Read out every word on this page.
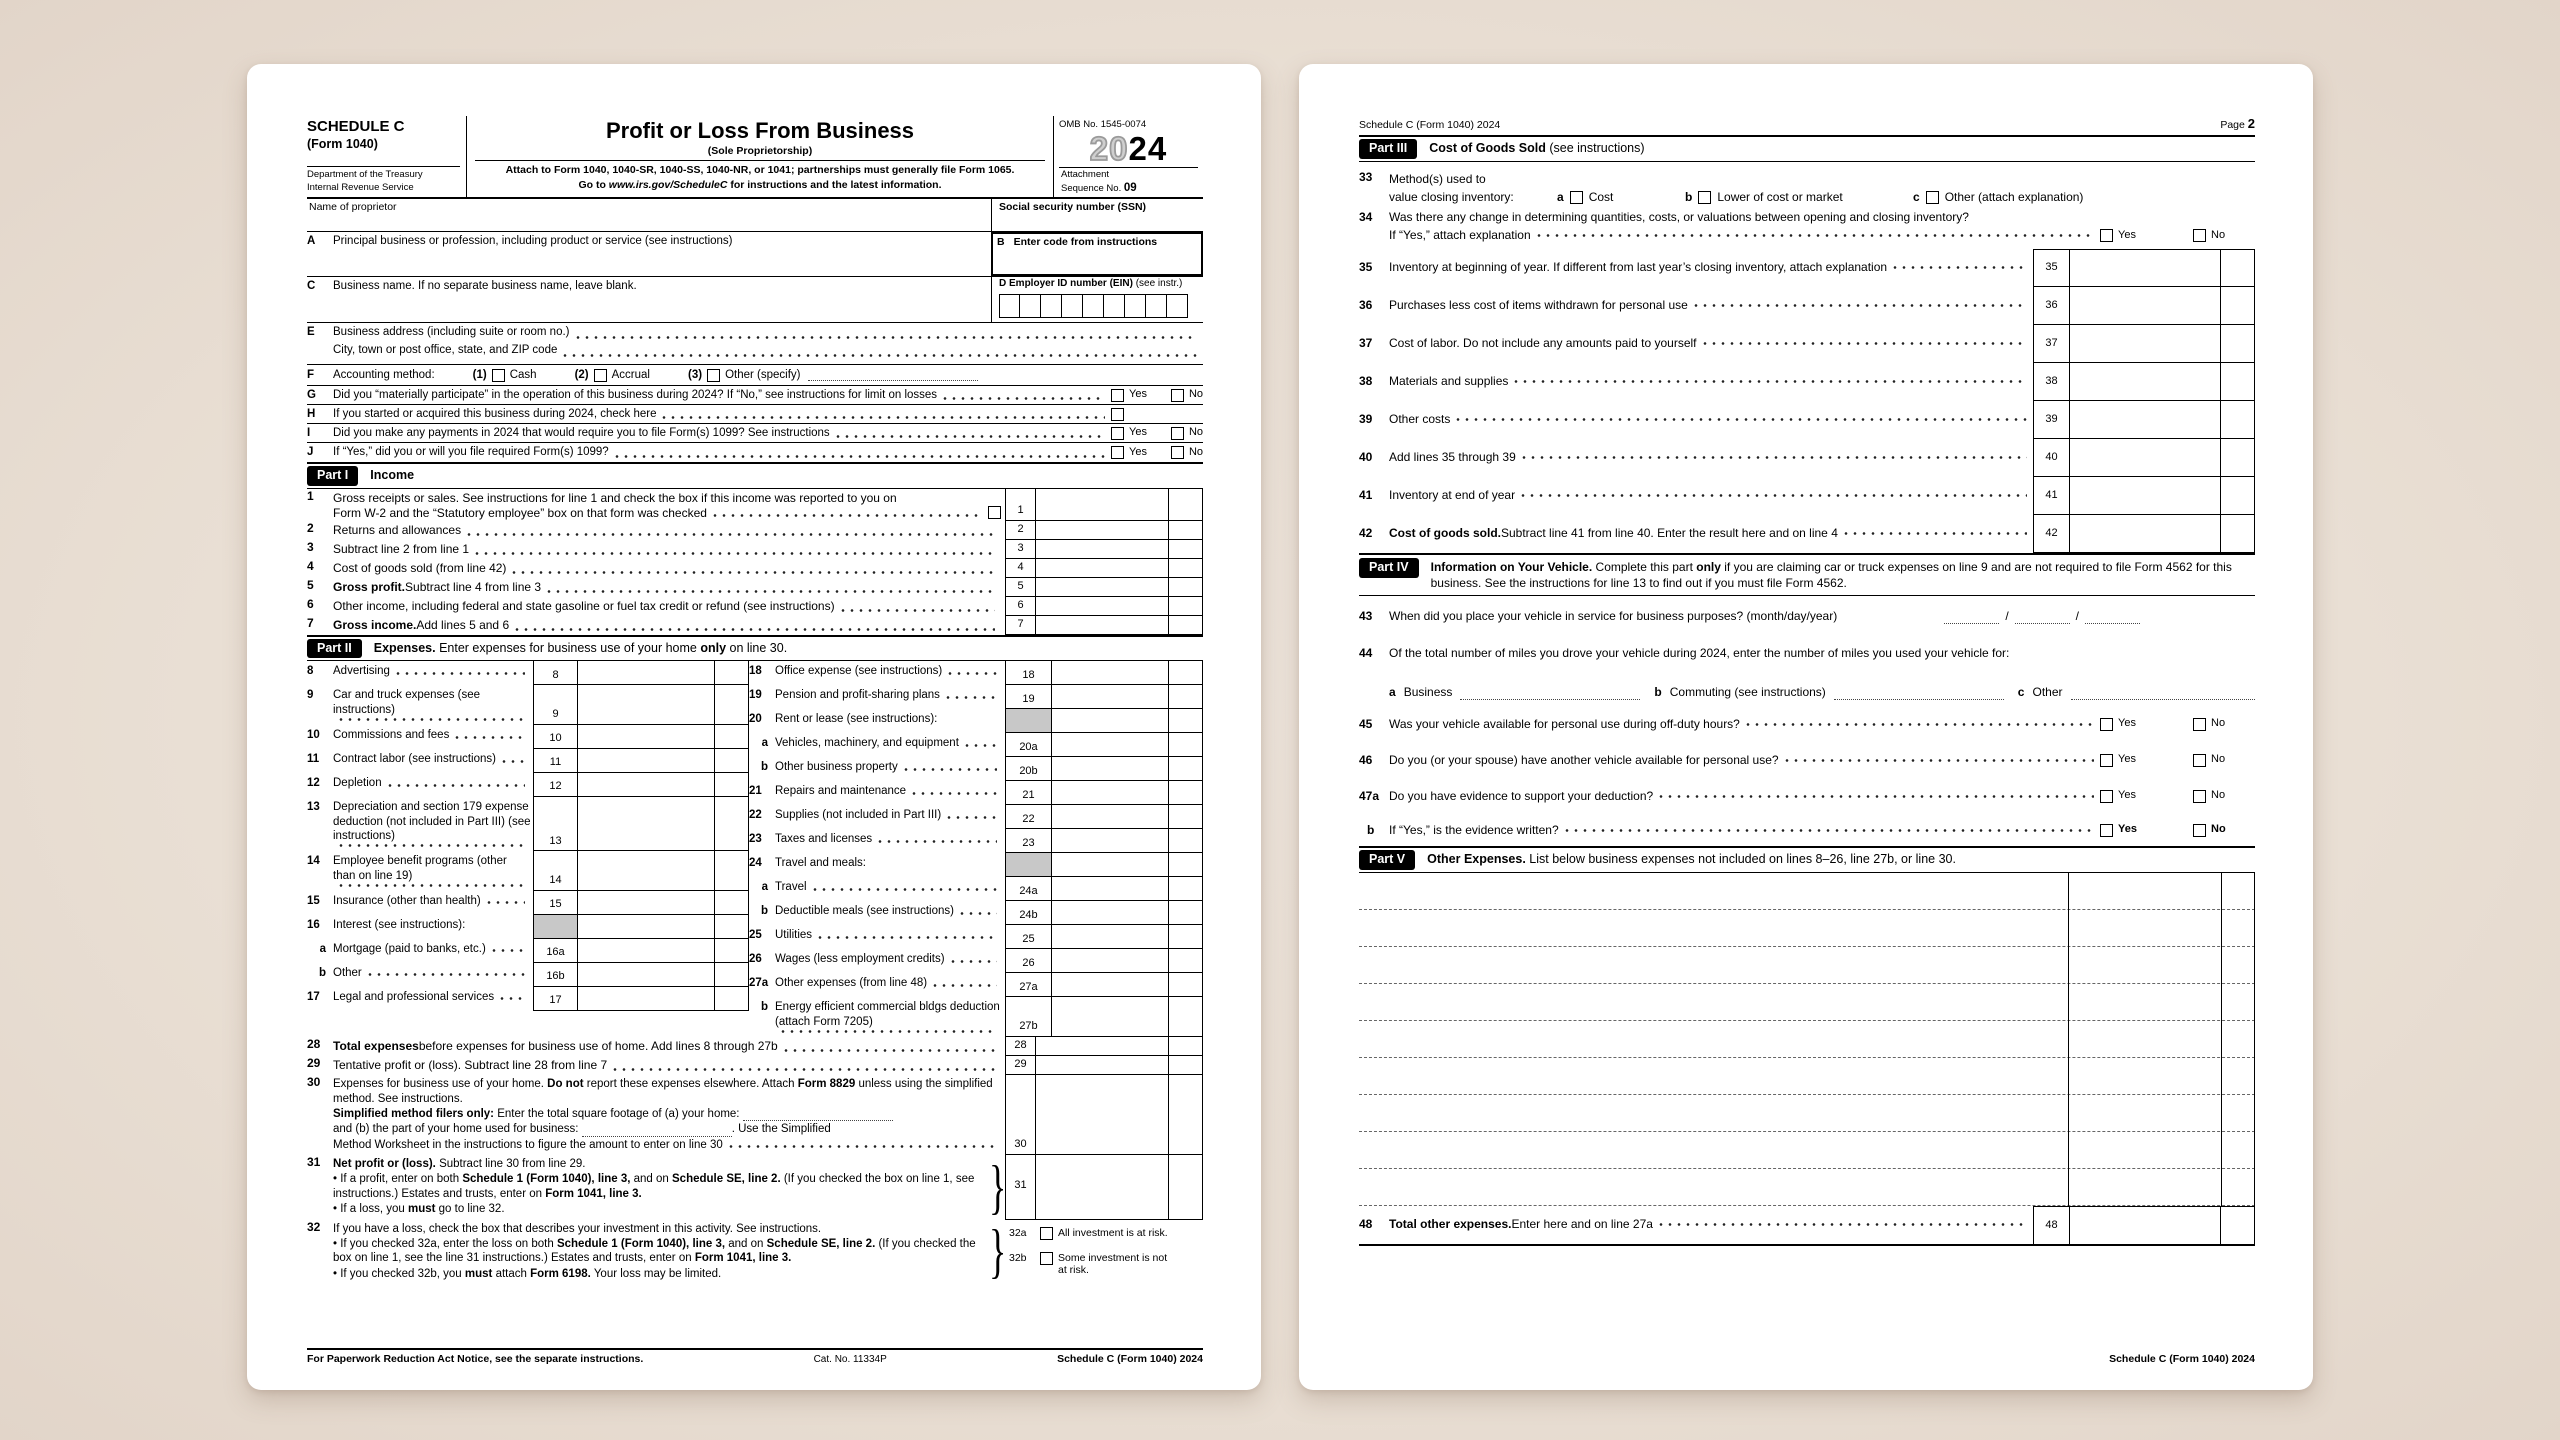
SCHEDULE C
(Form 1040)
Department of the Treasury
Internal Revenue Service
Profit or Loss From Business
(Sole Proprietorship)
Attach to Form 1040, 1040-SR, 1040-SS, 1040-NR, or 1041; partnerships must generally file Form 1065.
Go to www.irs.gov/ScheduleC for instructions and the latest information.
OMB No. 1545-0074
2024
Attachment
Sequence No. 09
Name of proprietor	Social security number (SSN)
A	Principal business or profession, including product or service (see instructions)	B Enter code from instructions
C	Business name. If no separate business name, leave blank.	D Employer ID number (EIN) (see instr.)
E	Business address (including suite or room no.)
City, town or post office, state, and ZIP code
F	Accounting method:	(1) Cash	(2) Accrual	(3) Other (specify)
G	Did you “materially participate” in the operation of this business during 2024? If “No,” see instructions for limit on losses	Yes	No
H	If you started or acquired this business during 2024, check here
I	Did you make any payments in 2024 that would require you to file Form(s) 1099? See instructions	Yes	No
J	If “Yes,” did you or will you file required Form(s) 1099?	Yes	No
Part I	Income
1	Gross receipts or sales. See instructions for line 1 and check the box if this income was reported to you on
Form W-2 and the “Statutory employee” box on that form was checked	1
2	Returns and allowances	2
3	Subtract line 2 from line 1	3
4	Cost of goods sold (from line 42)	4
5	Gross profit. Subtract line 4 from line 3	5
6	Other income, including federal and state gasoline or fuel tax credit or refund (see instructions)	6
7	Gross income. Add lines 5 and 6	7
Part II	Expenses. Enter expenses for business use of your home only on line 30.
8	Advertising	8
9	Car and truck expenses (see instructions)	9
10	Commissions and fees	10
11	Contract labor (see instructions)	11
12	Depletion	12
13	Depreciation and section 179 expense deduction (not included in Part III) (see instructions)	13
14	Employee benefit programs (other than on line 19)	14
15	Insurance (other than health)	15
16	Interest (see instructions):
a Mortgage (paid to banks, etc.)	16a
b Other	16b
17	Legal and professional services	17
18	Office expense (see instructions)	18
19	Pension and profit-sharing plans	19
20	Rent or lease (see instructions):
a Vehicles, machinery, and equipment	20a
b Other business property	20b
21	Repairs and maintenance	21
22	Supplies (not included in Part III)	22
23	Taxes and licenses	23
24	Travel and meals:
a Travel	24a
b Deductible meals (see instructions)	24b
25	Utilities	25
26	Wages (less employment credits)	26
27a Other expenses (from line 48)	27a
b Energy efficient commercial bldgs deduction (attach Form 7205)	27b
28	Total expenses before expenses for business use of home. Add lines 8 through 27b	28
29	Tentative profit or (loss). Subtract line 28 from line 7	29
30	Expenses for business use of your home. Do not report these expenses elsewhere. Attach Form 8829 unless using the simplified method. See instructions.
Simplified method filers only: Enter the total square footage of (a) your home:
and (b) the part of your home used for business:	. Use the Simplified
Method Worksheet in the instructions to figure the amount to enter on line 30	30
31	Net profit or (loss). Subtract line 30 from line 29.
• If a profit, enter on both Schedule 1 (Form 1040), line 3, and on Schedule SE, line 2. (If you checked the box on line 1, see instructions.) Estates and trusts, enter on Form 1041, line 3.
• If a loss, you must go to line 32.	} 31
32	If you have a loss, check the box that describes your investment in this activity. See instructions.
• If you checked 32a, enter the loss on both Schedule 1 (Form 1040), line 3, and on Schedule SE, line 2. (If you checked the box on line 1, see the line 31 instructions.) Estates and trusts, enter on Form 1041, line 3.
• If you checked 32b, you must attach Form 6198. Your loss may be limited.	} 32a	All investment is at risk.
32b	Some investment is not at risk.
For Paperwork Reduction Act Notice, see the separate instructions.	Cat. No. 11334P	Schedule C (Form 1040) 2024
Schedule C (Form 1040) 2024	Page 2
Part III	Cost of Goods Sold (see instructions)
33	Method(s) used to
value closing inventory:	a Cost	b Lower of cost or market	c Other (attach explanation)
34	Was there any change in determining quantities, costs, or valuations between opening and closing inventory?
If “Yes,” attach explanation	Yes	No
35	Inventory at beginning of year. If different from last year’s closing inventory, attach explanation	35
36	Purchases less cost of items withdrawn for personal use	36
37	Cost of labor. Do not include any amounts paid to yourself	37
38	Materials and supplies	38
39	Other costs	39
40	Add lines 35 through 39	40
41	Inventory at end of year	41
42	Cost of goods sold. Subtract line 41 from line 40. Enter the result here and on line 4	42
Part IV	Information on Your Vehicle. Complete this part only if you are claiming car or truck expenses on line 9 and are not required to file Form 4562 for this business. See the instructions for line 13 to find out if you must file Form 4562.
43	When did you place your vehicle in service for business purposes? (month/day/year)	/	/
44	Of the total number of miles you drove your vehicle during 2024, enter the number of miles you used your vehicle for:
a Business	b Commuting (see instructions)	c Other
45	Was your vehicle available for personal use during off-duty hours?	Yes	No
46	Do you (or your spouse) have another vehicle available for personal use?	Yes	No
47a Do you have evidence to support your deduction?	Yes	No
b	If “Yes,” is the evidence written?	Yes	No
Part V	Other Expenses. List below business expenses not included on lines 8–26, line 27b, or line 30.
48	Total other expenses. Enter here and on line 27a	48
Schedule C (Form 1040) 2024
